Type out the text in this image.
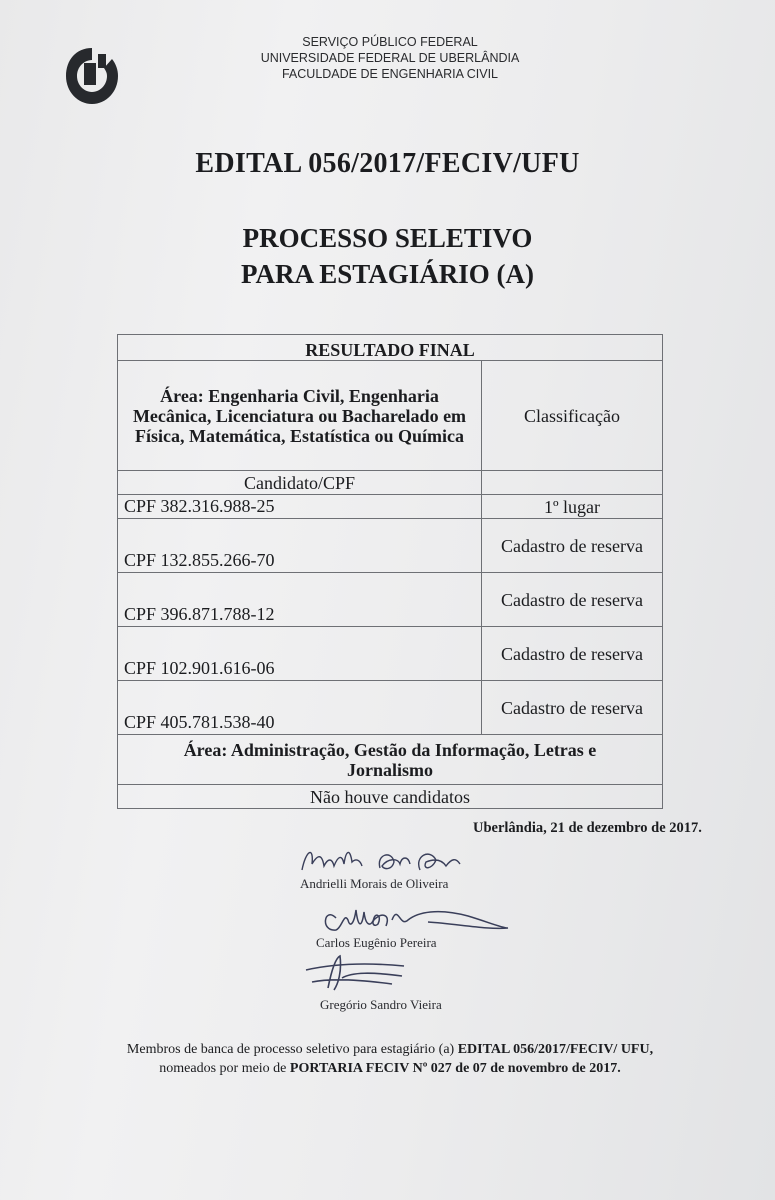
SERVIÇO PÚBLICO FEDERAL
UNIVERSIDADE FEDERAL DE UBERLÂNDIA
FACULDADE DE ENGENHARIA CIVIL
EDITAL 056/2017/FECIV/UFU
PROCESSO SELETIVO
PARA ESTAGIÁRIO (A)
RESULTADO FINAL	
Área: Engenharia Civil, Engenharia Mecânica, Licenciatura ou Bacharelado em Física, Matemática, Estatística ou Química	Classificação
Candidato/CPF	
CPF 382.316.988-25	1º lugar
CPF 132.855.266-70	Cadastro de reserva
CPF 396.871.788-12	Cadastro de reserva
CPF 102.901.616-06	Cadastro de reserva
CPF 405.781.538-40	Cadastro de reserva
Área: Administração, Gestão da Informação, Letras e Jornalismo	
Não houve candidatos	
Uberlândia, 21 de dezembro de 2017.
Andrielli Morais de Oliveira
Carlos Eugênio Pereira
Gregório Sandro Vieira
Membros de banca de processo seletivo para estagiário (a) EDITAL 056/2017/FECIV/ UFU,
nomeados por meio de PORTARIA FECIV Nº 027 de 07 de novembro de 2017.
